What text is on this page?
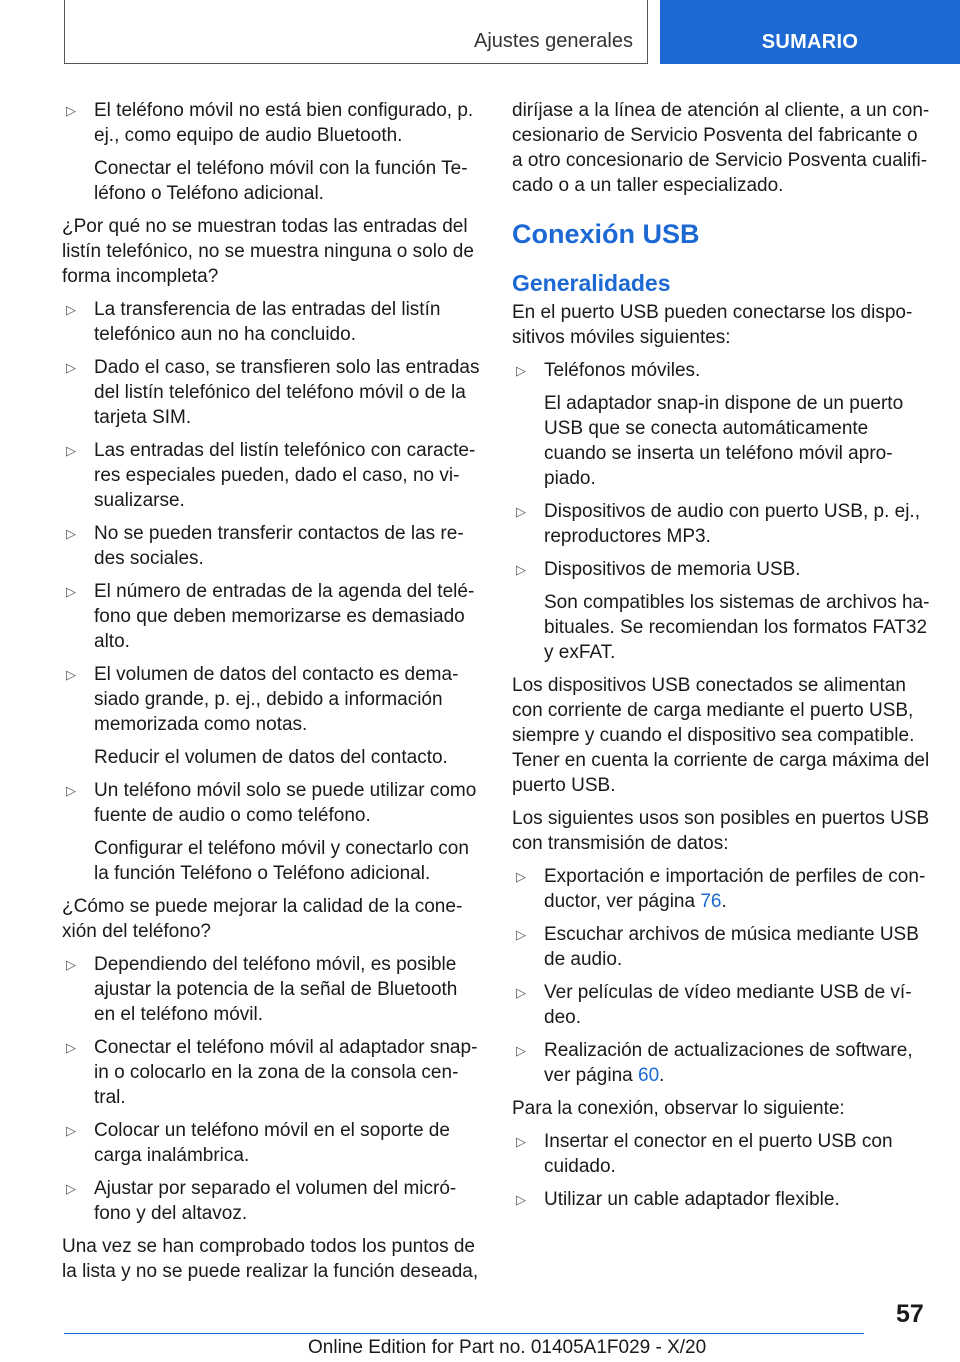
Ajustes generales	SUMARIO
▷ El teléfono móvil no está bien configurado, p. ej., como equipo de audio Bluetooth.
Conectar el teléfono móvil con la función Teléfono o Teléfono adicional.

¿Por qué no se muestran todas las entradas del listín telefónico, no se muestra ninguna o solo de forma incompleta?

▷ La transferencia de las entradas del listín telefónico aun no ha concluido.
▷ Dado el caso, se transfieren solo las entradas del listín telefónico del teléfono móvil o de la tarjeta SIM.
▷ Las entradas del listín telefónico con caracteres especiales pueden, dado el caso, no visualizarse.
▷ No se pueden transferir contactos de las redes sociales.
▷ El número de entradas de la agenda del teléfono que deben memorizarse es demasiado alto.
▷ El volumen de datos del contacto es demasiado grande, p. ej., debido a información memorizada como notas.
Reducir el volumen de datos del contacto.
▷ Un teléfono móvil solo se puede utilizar como fuente de audio o como teléfono.
Configurar el teléfono móvil y conectarlo con la función Teléfono o Teléfono adicional.

¿Cómo se puede mejorar la calidad de la conexión del teléfono?

▷ Dependiendo del teléfono móvil, es posible ajustar la potencia de la señal de Bluetooth en el teléfono móvil.
▷ Conectar el teléfono móvil al adaptador snap-in o colocarlo en la zona de la consola central.
▷ Colocar un teléfono móvil en el soporte de carga inalámbrica.
▷ Ajustar por separado el volumen del micrófono y del altavoz.

Una vez se han comprobado todos los puntos de la lista y no se puede realizar la función deseada,

diríjase a la línea de atención al cliente, a un concesionario de Servicio Posventa del fabricante o a otro concesionario de Servicio Posventa cualificado o a un taller especializado.

Conexión USB
Generalidades

En el puerto USB pueden conectarse los dispositivos móviles siguientes:

▷ Teléfonos móviles.
El adaptador snap-in dispone de un puerto USB que se conecta automáticamente cuando se inserta un teléfono móvil apropiado.
▷ Dispositivos de audio con puerto USB, p. ej., reproductores MP3.
▷ Dispositivos de memoria USB.
Son compatibles los sistemas de archivos habituales. Se recomiendan los formatos FAT32 y exFAT.

Los dispositivos USB conectados se alimentan con corriente de carga mediante el puerto USB, siempre y cuando el dispositivo sea compatible. Tener en cuenta la corriente de carga máxima del puerto USB.

Los siguientes usos son posibles en puertos USB con transmisión de datos:

▷ Exportación e importación de perfiles de conductor, ver página 76.
▷ Escuchar archivos de música mediante USB de audio.
▷ Ver películas de vídeo mediante USB de vídeo.
▷ Realización de actualizaciones de software, ver página 60.

Para la conexión, observar lo siguiente:

▷ Insertar el conector en el puerto USB con cuidado.
▷ Utilizar un cable adaptador flexible.
57
Online Edition for Part no. 01405A1F029 - X/20
